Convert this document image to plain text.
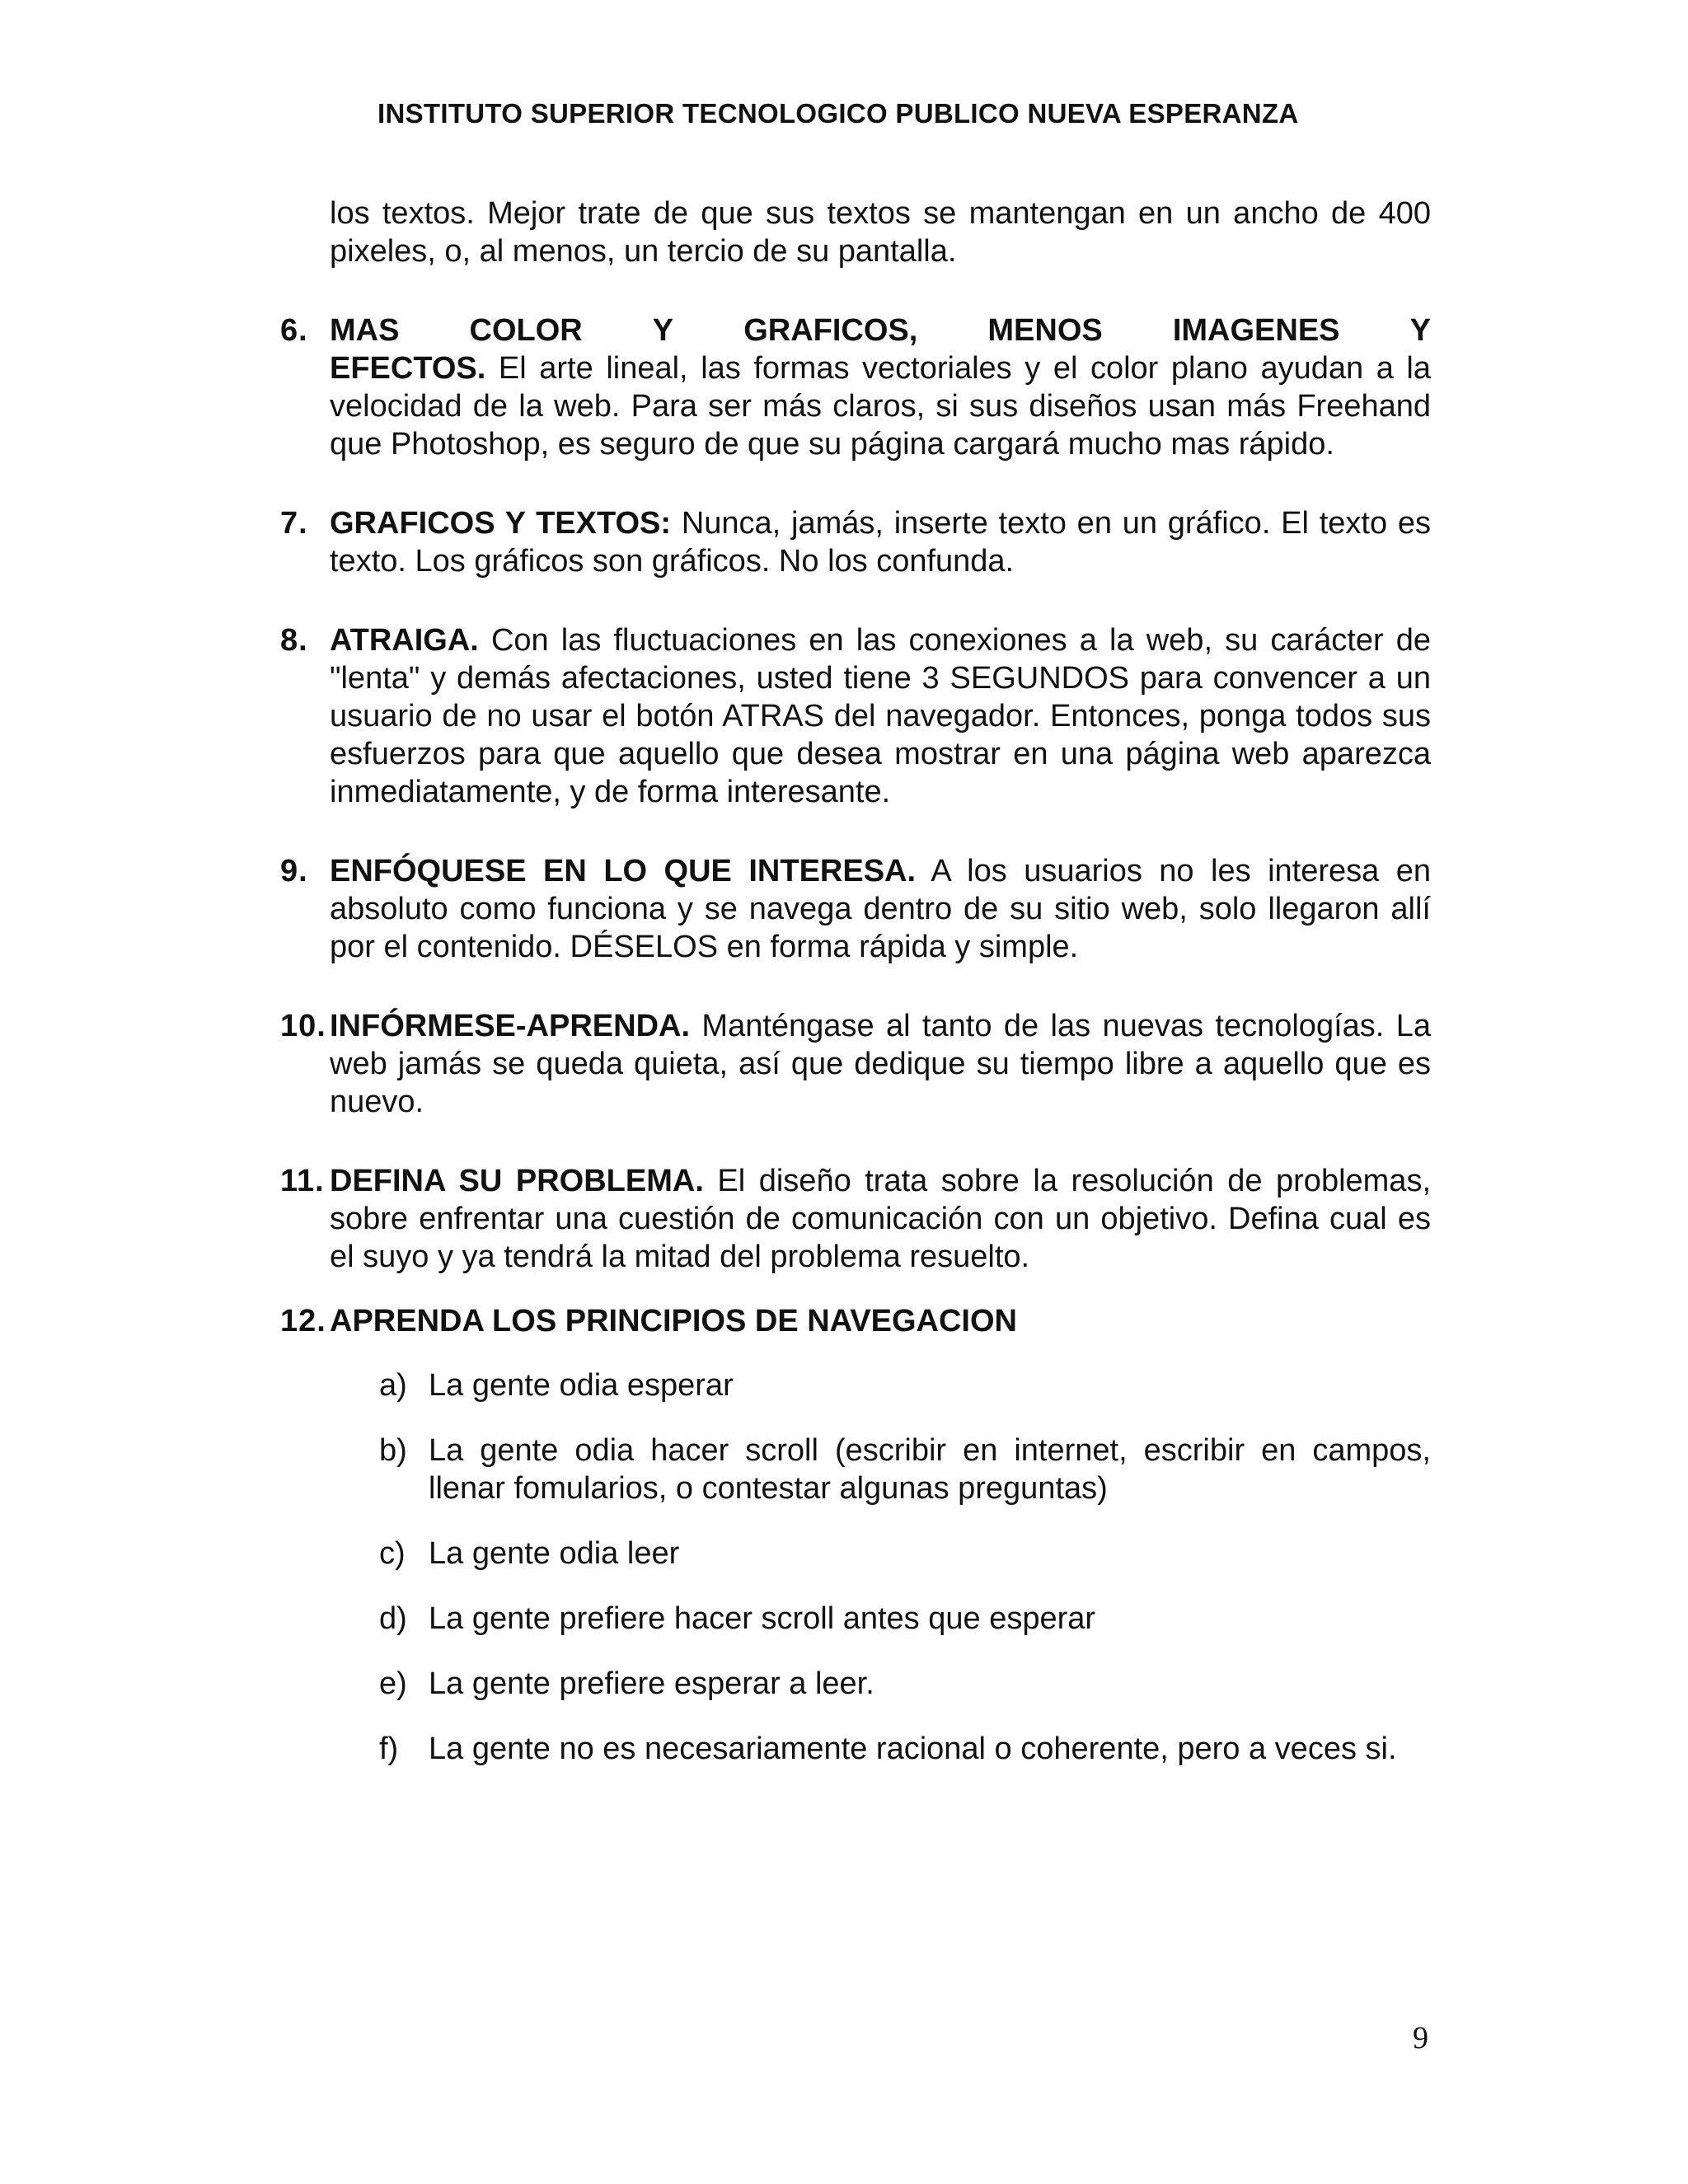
INSTITUTO SUPERIOR TECNOLOGICO PUBLICO NUEVA ESPERANZA

los textos. Mejor trate de que sus textos se mantengan en un ancho de 400 pixeles, o, al menos, un tercio de su pantalla.

6. MAS COLOR Y GRAFICOS, MENOS IMAGENES Y
EFECTOS. El arte lineal, las formas vectoriales y el color plano ayudan a la velocidad de la web. Para ser más claros, si sus diseños usan más Freehand que Photoshop, es seguro de que su página cargará mucho mas rápido.
7. GRAFICOS Y TEXTOS: Nunca, jamás, inserte texto en un gráfico. El texto es texto. Los gráficos son gráficos. No los confunda.
8. ATRAIGA. Con las fluctuaciones en las conexiones a la web, su carácter de "lenta" y demás afectaciones, usted tiene 3 SEGUNDOS para convencer a un usuario de no usar el botón ATRAS del navegador. Entonces, ponga todos sus esfuerzos para que aquello que desea mostrar en una página web aparezca inmediatamente, y de forma interesante.
9. ENFÓQUESE EN LO QUE INTERESA. A los usuarios no les interesa en absoluto como funciona y se navega dentro de su sitio web, solo llegaron allí por el contenido. DÉSELOS en forma rápida y simple.
10. INFÓRMESE-APRENDA. Manténgase al tanto de las nuevas tecnologías. La web jamás se queda quieta, así que dedique su tiempo libre a aquello que es nuevo.
11. DEFINA SU PROBLEMA. El diseño trata sobre la resolución de problemas, sobre enfrentar una cuestión de comunicación con un objetivo. Defina cual es el suyo y ya tendrá la mitad del problema resuelto.
12. APRENDA LOS PRINCIPIOS DE NAVEGACION
a) La gente odia esperar
b) La gente odia hacer scroll (escribir en internet, escribir en campos, llenar fomularios, o contestar algunas preguntas)
c) La gente odia leer
d) La gente prefiere hacer scroll antes que esperar
e) La gente prefiere esperar a leer.
f) La gente no es necesariamente racional o coherente, pero a veces si.
9
